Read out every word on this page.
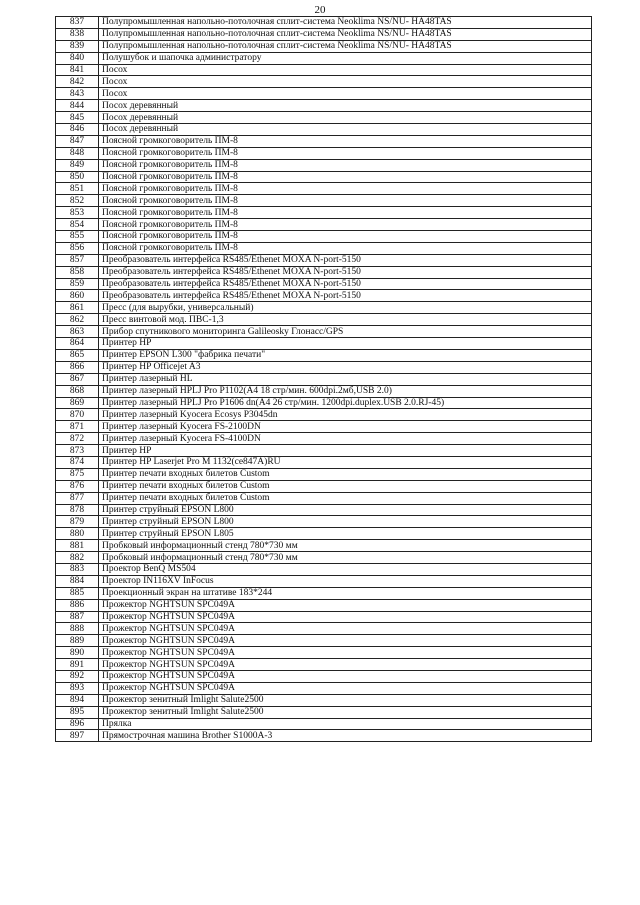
20
837	Полупромышленная напольно-потолочная сплит-система Neoklima NS/NU- HA48TAS
838	Полупромышленная напольно-потолочная сплит-система Neoklima NS/NU- HA48TAS
839	Полупромышленная напольно-потолочная сплит-система Neoklima NS/NU- HA48TAS
840	Полушубок и шапочка администратору
841	Посох
842	Посох
843	Посох
844	Посох деревянный
845	Посох деревянный
846	Посох деревянный
847	Поясной громкоговоритель ПМ-8
848	Поясной громкоговоритель ПМ-8
849	Поясной громкоговоритель ПМ-8
850	Поясной громкоговоритель ПМ-8
851	Поясной громкоговоритель ПМ-8
852	Поясной громкоговоритель ПМ-8
853	Поясной громкоговоритель ПМ-8
854	Поясной громкоговоритель ПМ-8
855	Поясной громкоговоритель ПМ-8
856	Поясной громкоговоритель ПМ-8
857	Преобразователь интерфейса RS485/Ethenet MOXA N-port-5150
858	Преобразователь интерфейса RS485/Ethenet MOXA N-port-5150
859	Преобразователь интерфейса RS485/Ethenet MOXA N-port-5150
860	Преобразователь интерфейса RS485/Ethenet MOXA N-port-5150
861	Пресс (для вырубки, универсальный)
862	Пресс винтовой мод. ПВС-1,3
863	Прибор спутникового мониторинга Galileosky Глонасс/GPS
864	Принтер HP
865	Принтер EPSON L300 "фабрика печати"
866	Принтер HP Officejet A3
867	Принтер лазерный HL
868	Принтер лазерный HPLJ Pro P1102(A4 18 стр/мин. 600dpi.2мб,USB 2.0)
869	Принтер лазерный HPLJ Pro P1606 dn(A4 26 стр/мин. 1200dpi.duplex.USB 2.0.RJ-45)
870	Принтер лазерный Kyocera Ecosys P3045dn
871	Принтер лазерный Kyocera FS-2100DN
872	Принтер лазерный Kyocera FS-4100DN
873	Принтер HP
874	Принтер HP Laserjet Pro M 1132(ce847A)RU
875	Принтер печати входных билетов Custom
876	Принтер печати входных билетов Custom
877	Принтер печати входных билетов Custom
878	Принтер струйный EPSON L800
879	Принтер струйный EPSON L800
880	Принтер струйный EPSON L805
881	Пробковый информационный стенд 780*730 мм
882	Пробковый информационный стенд 780*730 мм
883	Проектор BenQ MS504
884	Проектор IN116XV InFocus
885	Проекционный экран на штативе 183*244
886	Прожектор NGHTSUN SPC049A
887	Прожектор NGHTSUN SPC049A
888	Прожектор NGHTSUN SPC049A
889	Прожектор NGHTSUN SPC049A
890	Прожектор NGHTSUN SPC049A
891	Прожектор NGHTSUN SPC049A
892	Прожектор NGHTSUN SPC049A
893	Прожектор NGHTSUN SPC049A
894	Прожектор зенитный Imlight Salute2500
895	Прожектор зенитный Imlight Salute2500
896	Прялка
897	Прямострочная машина Brother S1000A-3
